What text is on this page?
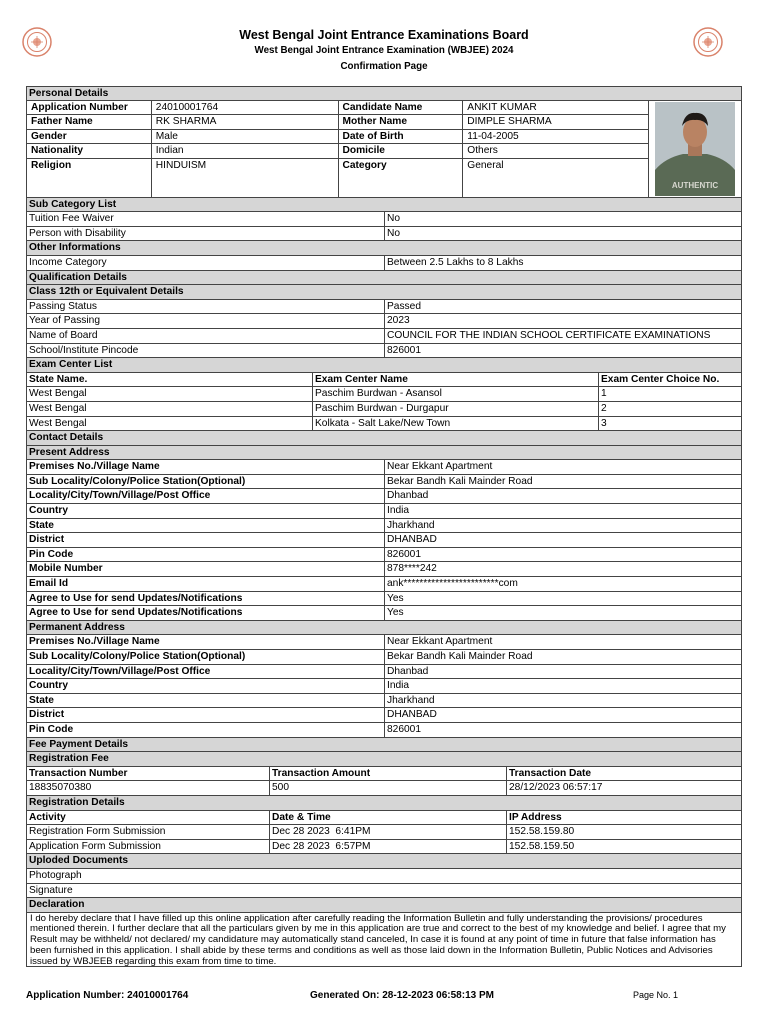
West Bengal Joint Entrance Examinations Board
West Bengal Joint Entrance Examination (WBJEE) 2024
Confirmation Page
Personal Details
Application Number	24010001764	Candidate Name	ANKIT KUMAR
Father Name	RK SHARMA	Mother Name	DIMPLE SHARMA
Gender	Male	Date of Birth	11-04-2005
Nationality	Indian	Domicile	Others
Religion	HINDUISM	Category	General
AUTHENTIC
Sub Category List
Tuition Fee Waiver	No
Person with Disability	No
Other Informations
Income Category	Between 2.5 Lakhs to 8 Lakhs
Qualification Details
Class 12th or Equivalent Details
Passing Status	Passed
Year of Passing	2023
Name of Board	COUNCIL FOR THE INDIAN SCHOOL CERTIFICATE EXAMINATIONS
School/Institute Pincode	826001
Exam Center List
State Name.	Exam Center Name	Exam Center Choice No.
West Bengal	Paschim Burdwan - Asansol	1
West Bengal	Paschim Burdwan - Durgapur	2
West Bengal	Kolkata - Salt Lake/New Town	3
Contact Details
Present Address
Premises No./Village Name	Near Ekkant Apartment
Sub Locality/Colony/Police Station(Optional)	Bekar Bandh Kali Mainder Road
Locality/City/Town/Village/Post Office	Dhanbad
Country	India
State	Jharkhand
District	DHANBAD
Pin Code	826001
Mobile Number	878****242
Email Id	ank************************com
Agree to Use for send Updates/Notifications	Yes
Agree to Use for send Updates/Notifications	Yes
Permanent Address
Premises No./Village Name	Near Ekkant Apartment
Sub Locality/Colony/Police Station(Optional)	Bekar Bandh Kali Mainder Road
Locality/City/Town/Village/Post Office	Dhanbad
Country	India
State	Jharkhand
District	DHANBAD
Pin Code	826001
Fee Payment Details
Registration Fee
Transaction Number	Transaction Amount	Transaction Date
18835070380	500	28/12/2023 06:57:17
Registration Details
Activity	Date & Time	IP Address
Registration Form Submission	Dec 28 2023  6:41PM	152.58.159.80
Application Form Submission	Dec 28 2023  6:57PM	152.58.159.50
Uploded Documents
Photograph
Signature
Declaration
I do hereby declare that I have filled up this online application after carefully reading the Information Bulletin and fully understanding the provisions/ procedures mentioned therein. I further declare that all the particulars given by me in this application are true and correct to the best of my knowledge and belief. I agree that my Result may be withheld/ not declared/ my candidature may automatically stand canceled, In case it is found at any point of time in future that false information has been furnished in this application. I shall abide by these terms and conditions as well as those laid down in the Information Bulletin, Public Notices and Advisories issued by WBJEEB regarding this exam from time to time.
Application Number: 24010001764	Generated On: 28-12-2023 06:58:13 PM	Page No. 1
